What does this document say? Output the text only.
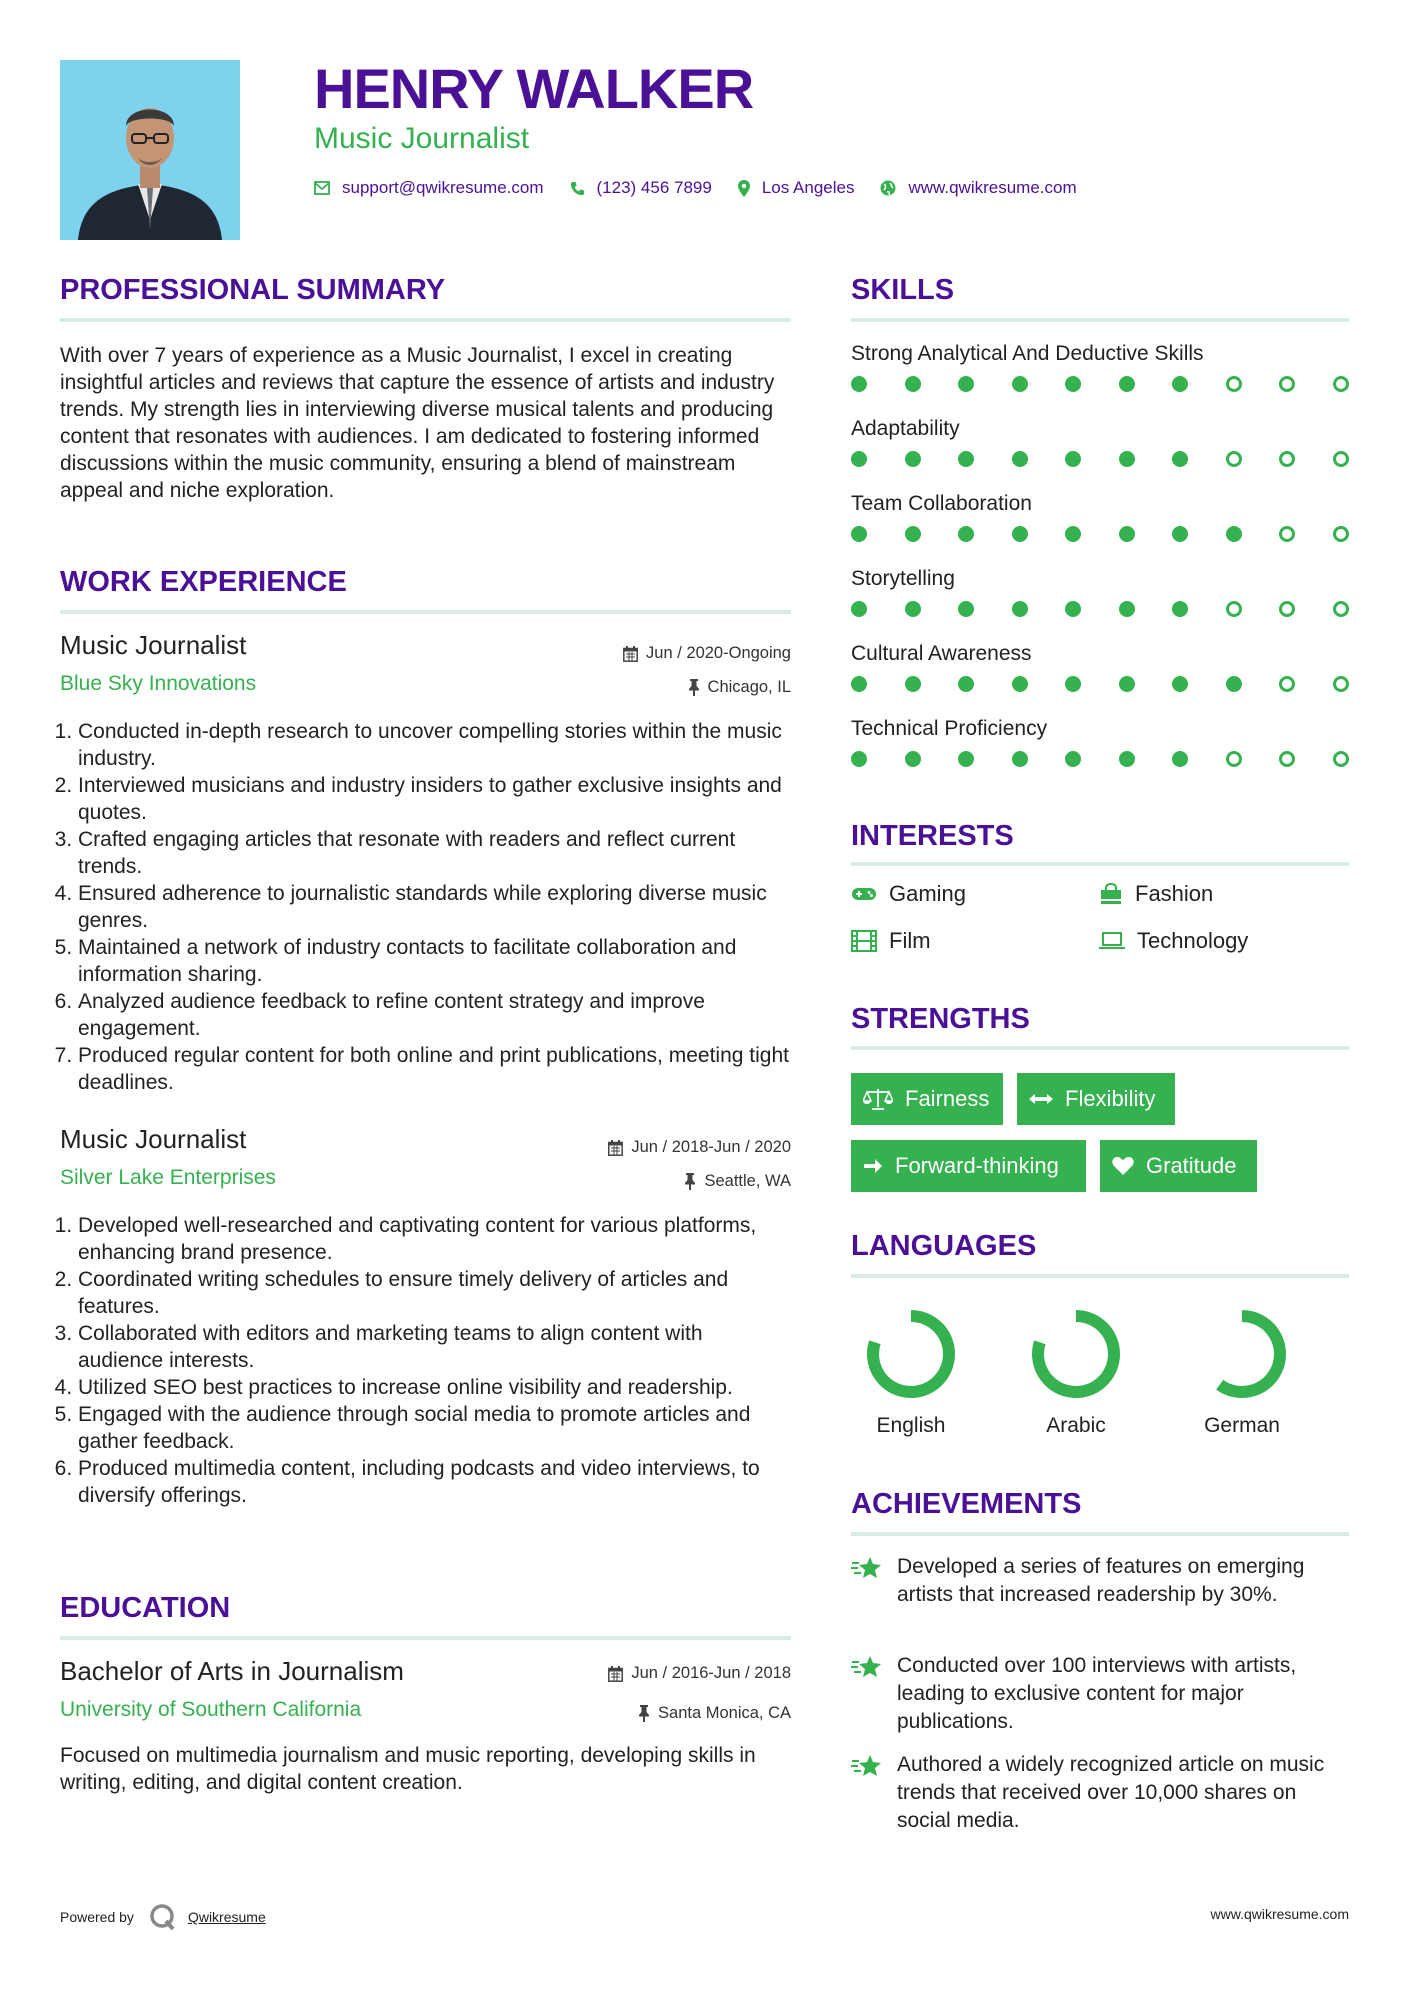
HENRY WALKER
Music Journalist
support@qwikresume.com	(123) 456 7899	Los Angeles	www.qwikresume.com
PROFESSIONAL SUMMARY
With over 7 years of experience as a Music Journalist, I excel in creating insightful articles and reviews that capture the essence of artists and industry trends. My strength lies in interviewing diverse musical talents and producing content that resonates with audiences. I am dedicated to fostering informed discussions within the music community, ensuring a blend of mainstream appeal and niche exploration.
WORK EXPERIENCE
Music Journalist
Blue Sky Innovations
Jun / 2020-Ongoing
Chicago, IL
1. Conducted in-depth research to uncover compelling stories within the music industry.
2. Interviewed musicians and industry insiders to gather exclusive insights and quotes.
3. Crafted engaging articles that resonate with readers and reflect current trends.
4. Ensured adherence to journalistic standards while exploring diverse music genres.
5. Maintained a network of industry contacts to facilitate collaboration and information sharing.
6. Analyzed audience feedback to refine content strategy and improve engagement.
7. Produced regular content for both online and print publications, meeting tight deadlines.
Music Journalist
Silver Lake Enterprises
Jun / 2018-Jun / 2020
Seattle, WA
1. Developed well-researched and captivating content for various platforms, enhancing brand presence.
2. Coordinated writing schedules to ensure timely delivery of articles and features.
3. Collaborated with editors and marketing teams to align content with audience interests.
4. Utilized SEO best practices to increase online visibility and readership.
5. Engaged with the audience through social media to promote articles and gather feedback.
6. Produced multimedia content, including podcasts and video interviews, to diversify offerings.
EDUCATION
Bachelor of Arts in Journalism
University of Southern California
Jun / 2016-Jun / 2018
Santa Monica, CA
Focused on multimedia journalism and music reporting, developing skills in writing, editing, and digital content creation.
SKILLS
Strong Analytical And Deductive Skills
Adaptability
Team Collaboration
Storytelling
Cultural Awareness
Technical Proficiency
INTERESTS
Gaming	Fashion
Film	Technology
STRENGTHS
Fairness	Flexibility
Forward-thinking	Gratitude
LANGUAGES
English	Arabic	German
ACHIEVEMENTS
Developed a series of features on emerging artists that increased readership by 30%.
Conducted over 100 interviews with artists, leading to exclusive content for major publications.
Authored a widely recognized article on music trends that received over 10,000 shares on social media.
Powered by	Qwikresume	www.qwikresume.com
